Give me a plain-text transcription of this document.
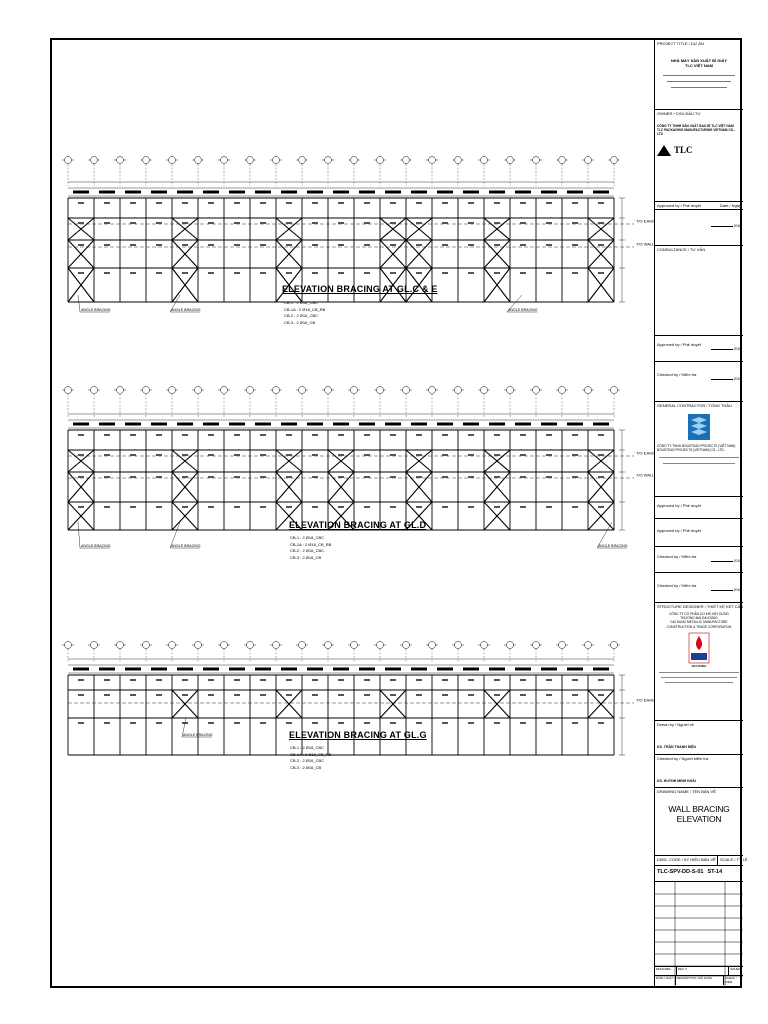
T/O EAVE
T/O WALL
ANGLE BRACING	ANGLE BRACING	ANGLE BRACING
ELEVATION BRACING AT GL.C & E
CB-1 : 2 Ø18_CBC
CB-1A : 2 Ø18_CB_RB
CB-2 : 2 Ø16_CBC
CB-3 : 2 Ø16_CB
T/O EAVE
T/O WALL
ANGLE BRACING	ANGLE BRACING	ANGLE BRACING
ELEVATION BRACING AT GL.D
CB-1 : 2 Ø18_CBC
CB-1A : 2 Ø18_CB_RB
CB-2 : 2 Ø16_CBC
CB-3 : 2 Ø16_CB
T/O EAVE
ANGLE BRACING	ELEVATION BRACING AT GL.G
CB-1 : 2 Ø18_CBC
CB-1A : 2 Ø18_CB_RB
CB-2 : 2 Ø16_CBC
CB-3 : 2 Ø16_CB
PROJECT TITLE / DỰ ÁN
NHÀ MÁY SẢN XUẤT BÌ GIẤY
TLC VIỆT NAM
OWNER / CHỦ ĐẦU TƯ
CÔNG TY TNHH SẢN XUẤT BAO BÌ TLC VIỆT NAM
TLC PACKAGING MANUFACTURING VIETNAM CO., LTD
TLC
Approved by / Phê duyệt	Date / Ngày
2016
CONSULTANCE / TƯ VẤN
Approved by / Phê duyệt
2016
Checked by / Kiểm tra
2016
GENERAL CONTRACTOR / TỔNG THẦU
CÔNG TY TNHH BOUSTEAD PROJECTS (VIỆT NAM)
BOUSTEAD PROJECTS (VIETNAM) CO., LTD.
Approved by / Phê duyệt
Approved by / Phê duyệt
Checked by / Kiểm tra
2016
Checked by / Kiểm tra
2016
STRUCTURE DESIGNER / THIẾT KẾ KẾT CẤU
CÔNG TY CỔ PHẦN CƠ KHÍ XÂY DỰNG
THƯƠNG MẠI ĐẠI DŨNG
DAI DUNG METALLIC MANUFACTURE
CONSTRUCTION & TRADE CORPORATION
DAI DUNG
Drawn by / Người vẽ
KS. TRẦN THANH DIỆU
Checked by / Người kiểm tra
KS. HUỲNH MINH KHẢI
DRAWING NAME / TÊN BẢN VẼ
WALL BRACING ELEVATION
DWG. CODE / KÝ HIỆU BẢN VẼ	SCALE / TỶ LỆ
TLC-SPV-DD-S-01 ST-14
DESIGNED	REV. 0	ISSUED
DATE / NGÀY	DESCRIPTION / NỘI DUNG	CHECK / KIỂM
